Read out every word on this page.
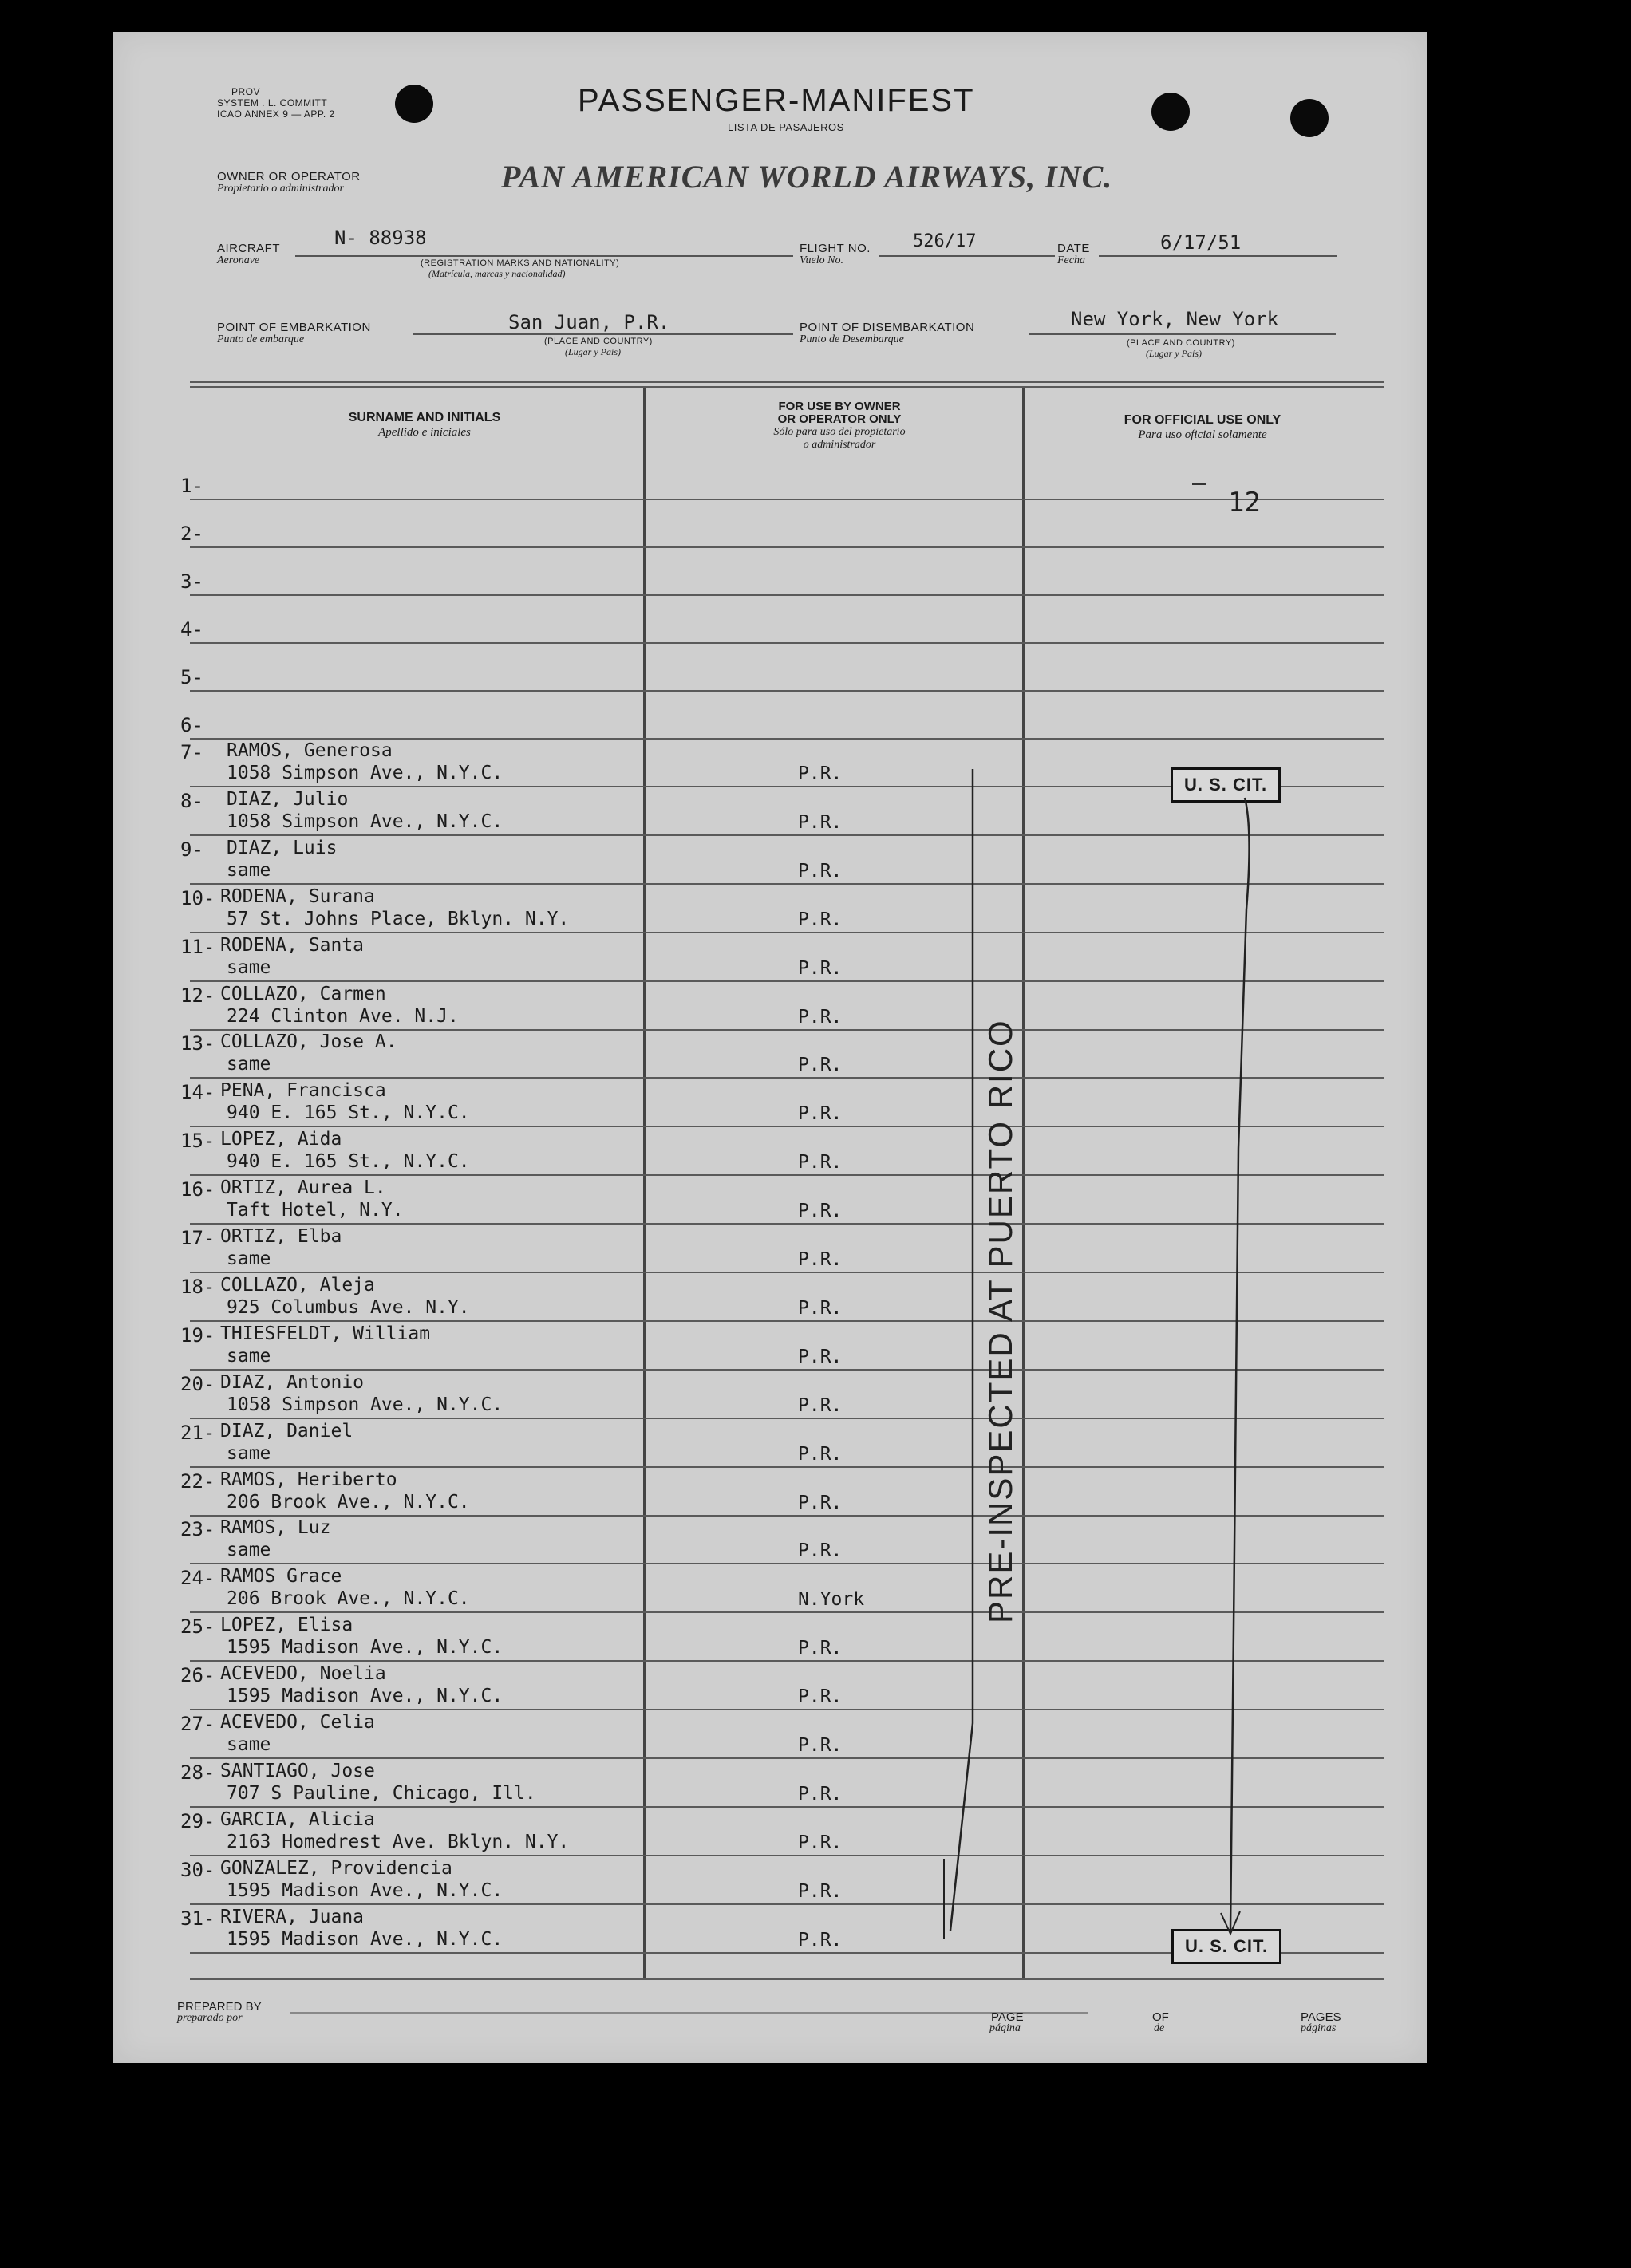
PROV
SYSTEM . L. COMMITT
ICAO ANNEX 9 — APP. 2	PASSENGER-MANIFEST
LISTA DE PASAJEROS
OWNER OR OPERATOR
Propietario o administrador	PAN AMERICAN WORLD AIRWAYS, INC.
AIRCRAFT
Aeronave
N- 88938
(REGISTRATION MARKS AND NATIONALITY)
(Matrícula, marcas y nacionalidad)
FLIGHT NO.
Vuelo No.
526/17	DATE
Fecha
6/17/51
POINT OF EMBARKATION
Punto de embarque
San Juan, P.R.
(PLACE AND COUNTRY)
(Lugar y País)
POINT OF DISEMBARKATION
Punto de Desembarque
New York, New York
(PLACE AND COUNTRY)
(Lugar y País)
SURNAME AND INITIALS
Apellido e iniciales
FOR USE BY OWNER
OR OPERATOR ONLY
Sólo para uso del propietario
o administrador
FOR OFFICIAL USE ONLY
Para uso oficial solamente
1-
2-
3-
4-
5-
6-
7- RAMOS, Generosa
1058 Simpson Ave., N.Y.C.	P.R.
8- DIAZ, Julio
1058 Simpson Ave., N.Y.C.	P.R.
9- DIAZ, Luis
same	P.R.
10- RODENA, Surana
57 St. Johns Place, Bklyn. N.Y.	P.R.
11- RODENA, Santa
same	P.R.
12- COLLAZO, Carmen
224 Clinton Ave. N.J.	P.R.
13- COLLAZO, Jose A.
same	P.R.
14- PENA, Francisca
940 E. 165 St., N.Y.C.	P.R.
15- LOPEZ, Aida
940 E. 165 St., N.Y.C.	P.R.
16- ORTIZ, Aurea L.
Taft Hotel, N.Y.	P.R.
17- ORTIZ, Elba
same	P.R.
18- COLLAZO, Aleja
925 Columbus Ave. N.Y.	P.R.
19- THIESFELDT, William
same	P.R.
20- DIAZ, Antonio
1058 Simpson Ave., N.Y.C.	P.R.
21- DIAZ, Daniel
same	P.R.
22- RAMOS, Heriberto
206 Brook Ave., N.Y.C.	P.R.
23- RAMOS, Luz
same	P.R.
24- RAMOS Grace
206 Brook Ave., N.Y.C.	N.York
25- LOPEZ, Elisa
1595 Madison Ave., N.Y.C.	P.R.
26- ACEVEDO, Noelia
1595 Madison Ave., N.Y.C.	P.R.
27- ACEVEDO, Celia
same	P.R.
28- SANTIAGO, Jose
707 S Pauline, Chicago, Ill.	P.R.
29- GARCIA, Alicia
2163 Homedrest Ave. Bklyn. N.Y.	P.R.
30- GONZALEZ, Providencia
1595 Madison Ave., N.Y.C.	P.R.
31- RIVERA, Juana
1595 Madison Ave., N.Y.C.	P.R.
12
U. S. CIT.
U. S. CIT.
PRE-INSPECTED AT PUERTO RICO
PREPARED BY
preparado por	PAGE
página
OF
de
PAGES
páginas
